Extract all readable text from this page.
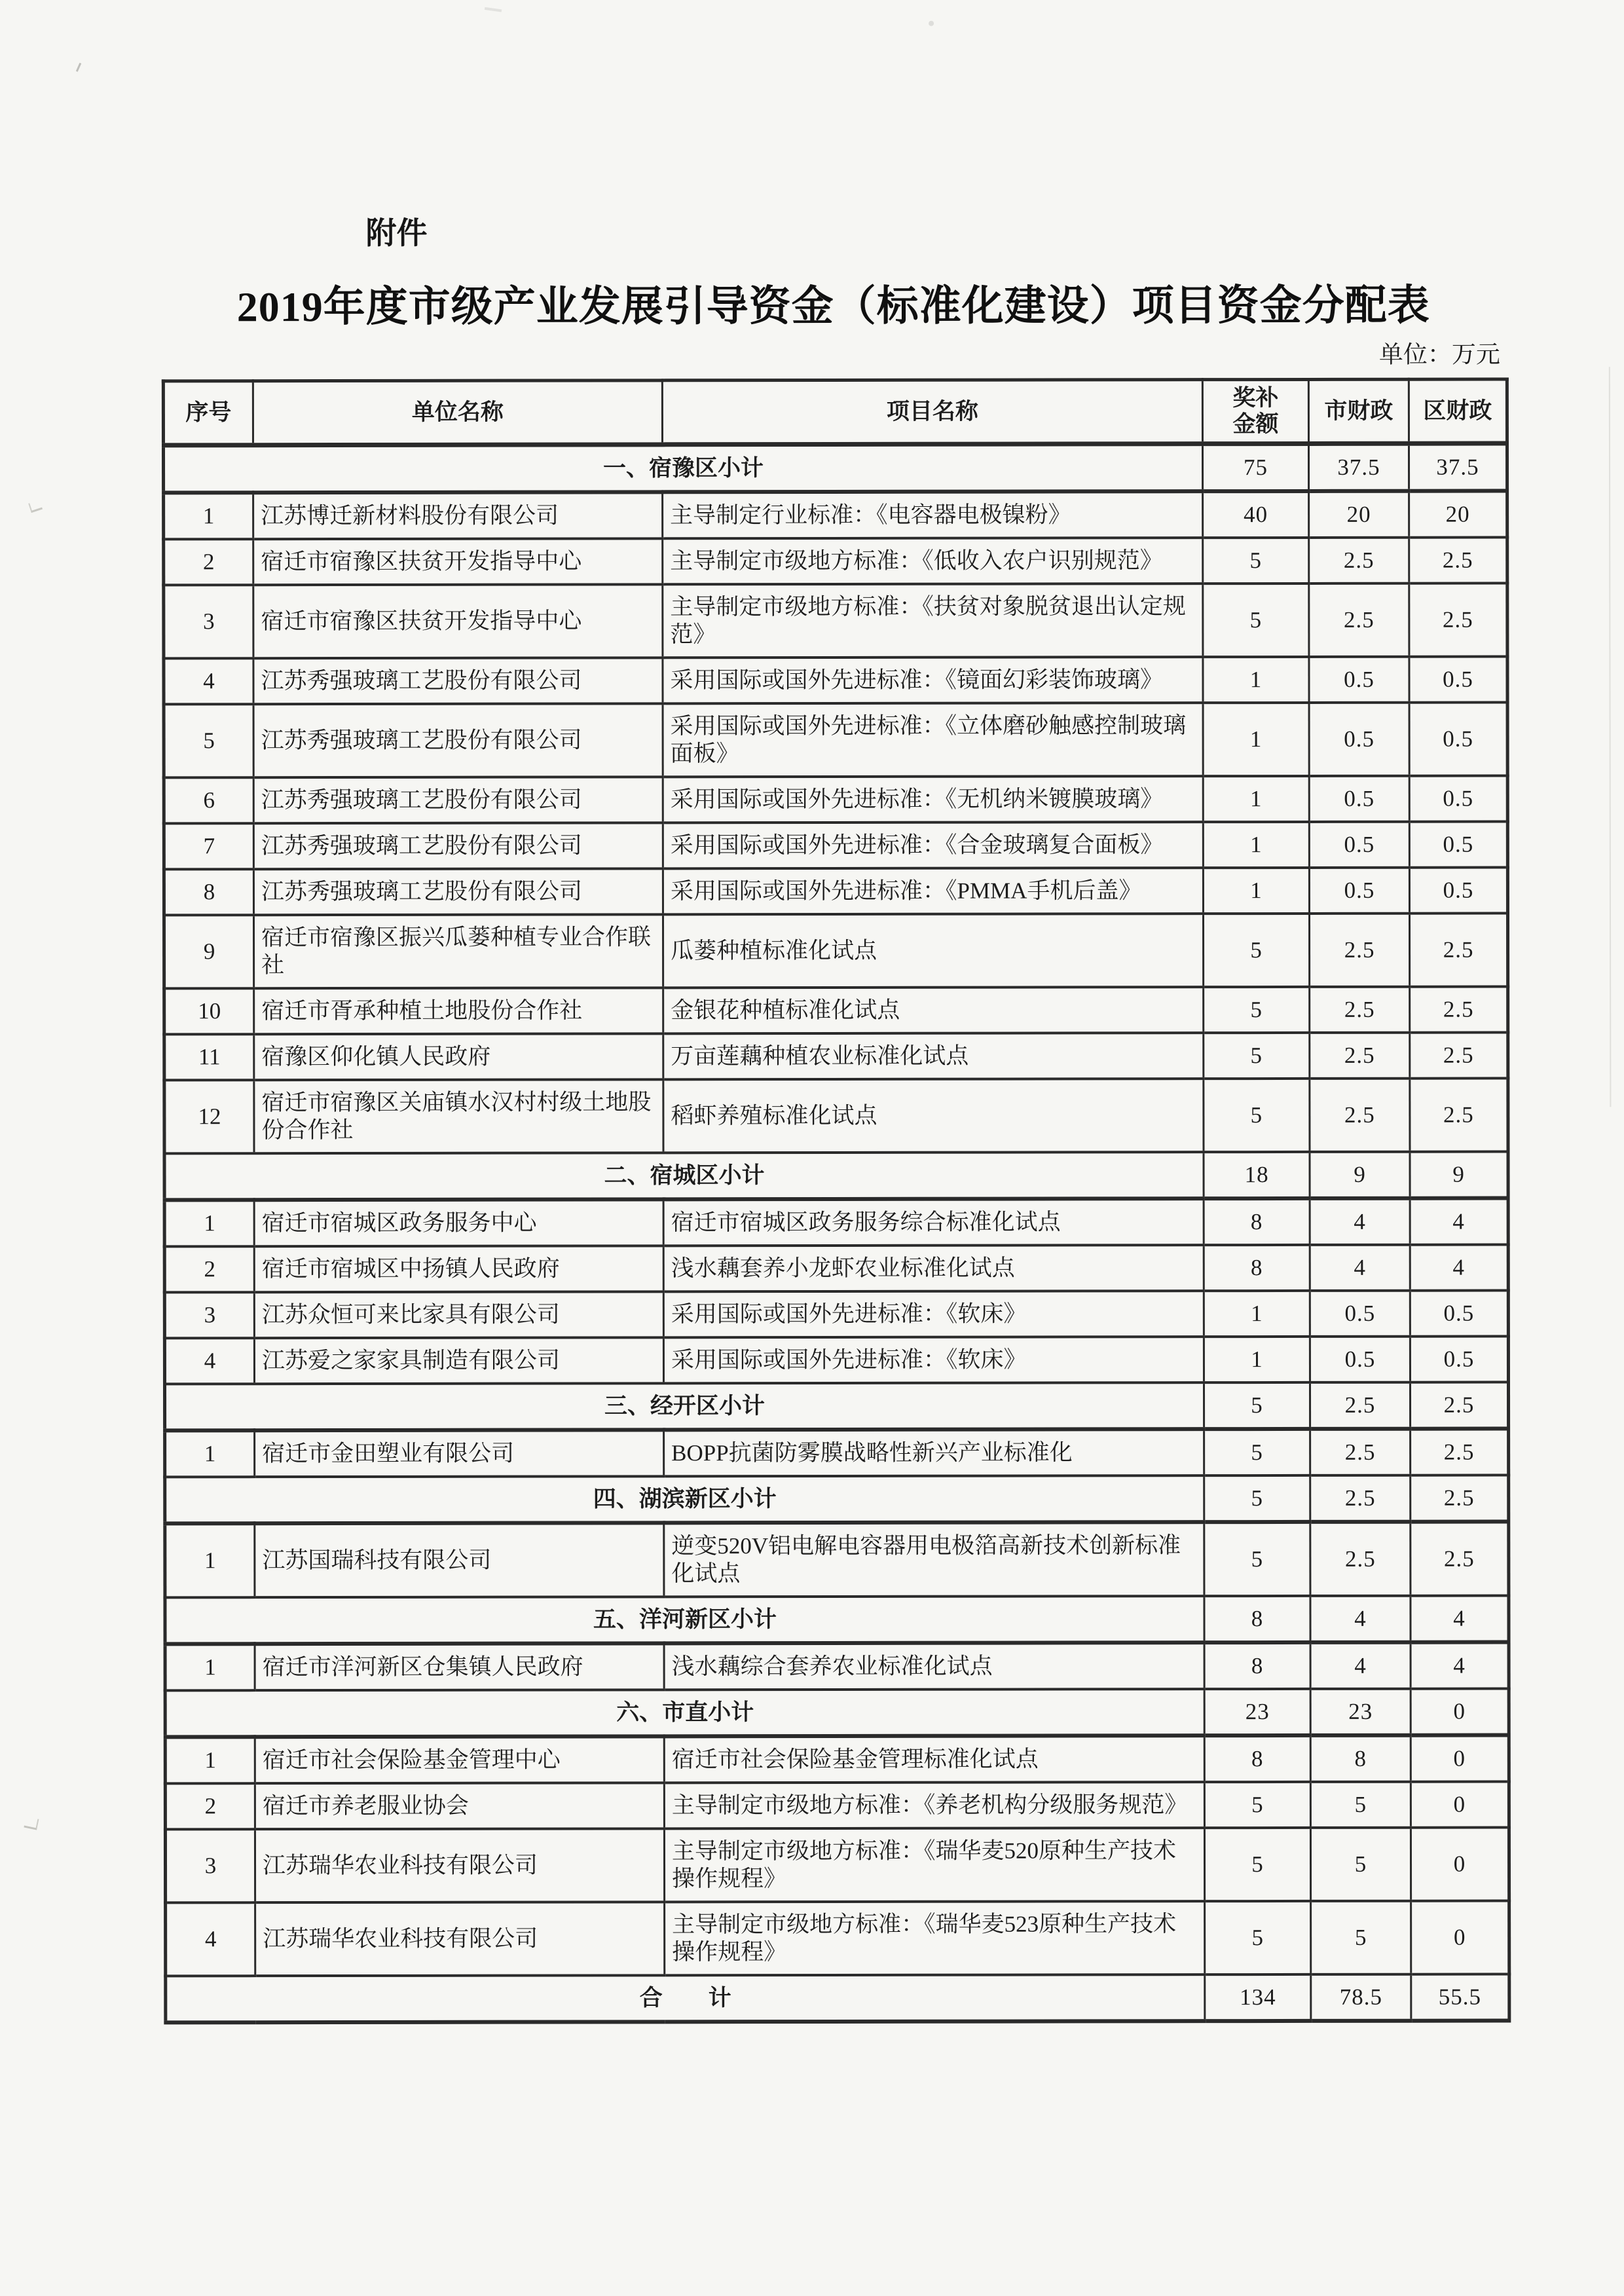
附件
2019年度市级产业发展引导资金（标准化建设）项目资金分配表
单位：万元
序号	单位名称	项目名称	奖补金额	市财政	区财政
一、宿豫区小计			75	37.5	37.5
1	江苏博迁新材料股份有限公司	主导制定行业标准：《电容器电极镍粉》	40	20	20
2	宿迁市宿豫区扶贫开发指导中心	主导制定市级地方标准：《低收入农户识别规范》	5	2.5	2.5
3	宿迁市宿豫区扶贫开发指导中心	主导制定市级地方标准：《扶贫对象脱贫退出认定规范》	5	2.5	2.5
4	江苏秀强玻璃工艺股份有限公司	采用国际或国外先进标准：《镜面幻彩装饰玻璃》	1	0.5	0.5
5	江苏秀强玻璃工艺股份有限公司	采用国际或国外先进标准：《立体磨砂触感控制玻璃面板》	1	0.5	0.5
6	江苏秀强玻璃工艺股份有限公司	采用国际或国外先进标准：《无机纳米镀膜玻璃》	1	0.5	0.5
7	江苏秀强玻璃工艺股份有限公司	采用国际或国外先进标准：《合金玻璃复合面板》	1	0.5	0.5
8	江苏秀强玻璃工艺股份有限公司	采用国际或国外先进标准：《PMMA手机后盖》	1	0.5	0.5
9	宿迁市宿豫区振兴瓜蒌种植专业合作联社	瓜蒌种植标准化试点	5	2.5	2.5
10	宿迁市胥承种植土地股份合作社	金银花种植标准化试点	5	2.5	2.5
11	宿豫区仰化镇人民政府	万亩莲藕种植农业标准化试点	5	2.5	2.5
12	宿迁市宿豫区关庙镇水汉村村级土地股份合作社	稻虾养殖标准化试点	5	2.5	2.5
二、宿城区小计			18	9	9
1	宿迁市宿城区政务服务中心	宿迁市宿城区政务服务综合标准化试点	8	4	4
2	宿迁市宿城区中扬镇人民政府	浅水藕套养小龙虾农业标准化试点	8	4	4
3	江苏众恒可来比家具有限公司	采用国际或国外先进标准：《软床》	1	0.5	0.5
4	江苏爱之家家具制造有限公司	采用国际或国外先进标准：《软床》	1	0.5	0.5
三、经开区小计			5	2.5	2.5
1	宿迁市金田塑业有限公司	BOPP抗菌防雾膜战略性新兴产业标准化	5	2.5	2.5
四、湖滨新区小计			5	2.5	2.5
1	江苏国瑞科技有限公司	逆变520V铝电解电容器用电极箔高新技术创新标准化试点	5	2.5	2.5
五、洋河新区小计			8	4	4
1	宿迁市洋河新区仓集镇人民政府	浅水藕综合套养农业标准化试点	8	4	4
六、市直小计			23	23	0
1	宿迁市社会保险基金管理中心	宿迁市社会保险基金管理标准化试点	8	8	0
2	宿迁市养老服业协会	主导制定市级地方标准：《养老机构分级服务规范》	5	5	0
3	江苏瑞华农业科技有限公司	主导制定市级地方标准：《瑞华麦520原种生产技术操作规程》	5	5	0
4	江苏瑞华农业科技有限公司	主导制定市级地方标准：《瑞华麦523原种生产技术操作规程》	5	5	0
合　　计			134	78.5	55.5
